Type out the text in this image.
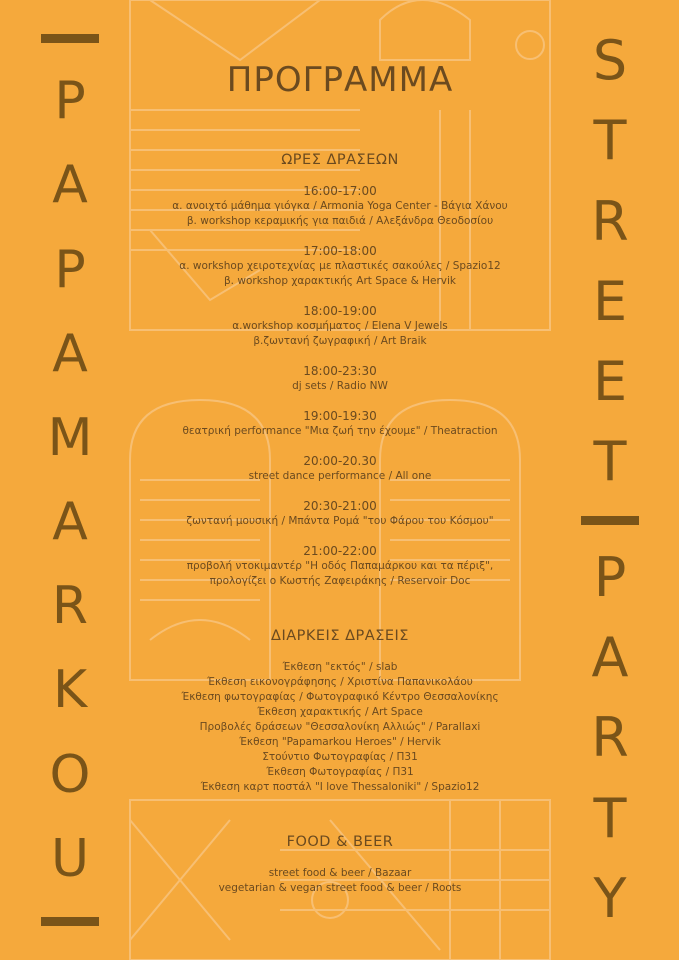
P
A
P
A
M
A
R
K
O
U
S
T
R
E
E
T
P
A
R
T
Y
ΠΡΟΓΡΑΜΜΑ
ΩΡΕΣ ΔΡΑΣΕΩΝ
16:00-17:00
α. ανοιχτό μάθημα γιόγκα / Armonia Yoga Center - Βάγια Χάνου
β. workshop κεραμικής για παιδιά / Αλεξάνδρα Θεοδοσίου
17:00-18:00
α. workshop χειροτεχνίας με πλαστικές σακούλες / Spazio12
β. workshop χαρακτικής Art Space & Hervik
18:00-19:00
α.workshop κοσμήματος / Elena V Jewels
β.ζωντανή ζωγραφική / Art Braik
18:00-23:30
dj sets / Radio NW
19:00-19:30
θεατρική performance "Μια ζωή την έχουμε" / Theatraction
20:00-20.30
street dance performance / All one
20:30-21:00
ζωντανή μουσική / Μπάντα Ρομά "του Φάρου του Κόσμου"
21:00-22:00
προβολή ντοκιμαντέρ "Η οδός Παπαμάρκου και τα πέριξ",
προλογίζει ο Κωστής Ζαφειράκης / Reservoir Doc
ΔΙΑΡΚΕΙΣ ΔΡΑΣΕΙΣ
Έκθεση "εκτός" / slab
Έκθεση εικονογράφησης / Χριστίνα Παπανικολάου
Έκθεση φωτογραφίας / Φωτογραφικό Κέντρο Θεσσαλονίκης
Έκθεση χαρακτικής / Art Space
Προβολές δράσεων "Θεσσαλονίκη Αλλιώς" / Parallaxi
Έκθεση "Papamarkou Heroes" / Hervik
Στούντιο Φωτογραφίας / Π31
Έκθεση Φωτογραφίας / Π31
Έκθεση καρτ ποστάλ "I love Thessaloniki" / Spazio12
FOOD & BEER
street food & beer / Bazaar
vegetarian & vegan street food & beer / Roots
